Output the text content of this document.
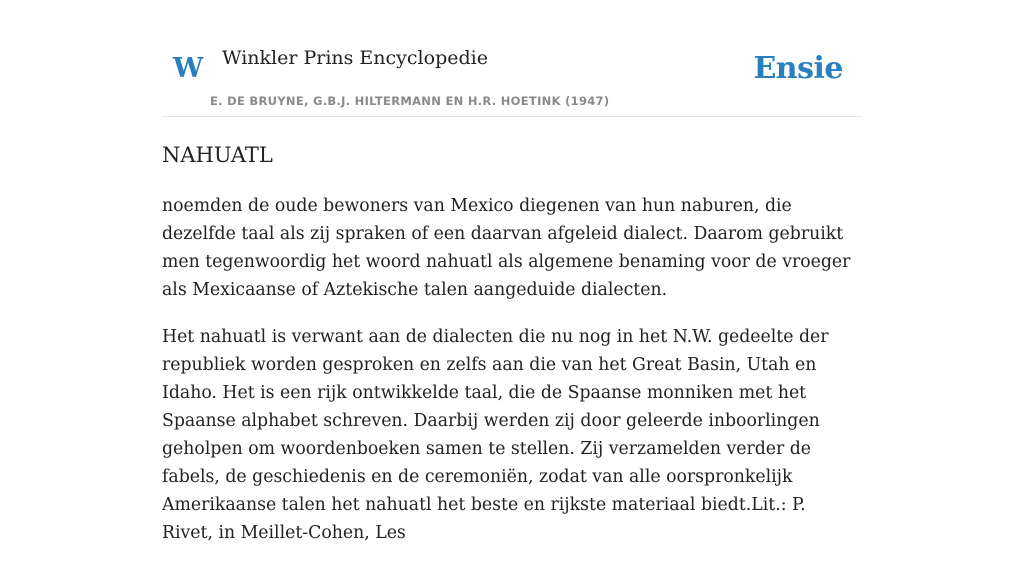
W Winkler Prins Encyclopedie
E. DE BRUYNE, G.B.J. HILTERMANN EN H.R. HOETINK (1947)
Ensie
NAHUATL

noemden de oude bewoners van Mexico diegenen van hun naburen, die dezelfde taal als zij spraken of een daarvan afgeleid dialect. Daarom gebruikt men tegenwoordig het woord nahuatl als algemene benaming voor de vroeger als Mexicaanse of Aztekische talen aangeduide dialecten.

Het nahuatl is verwant aan de dialecten die nu nog in het N.W. gedeelte der republiek worden gesproken en zelfs aan die van het Great Basin, Utah en Idaho. Het is een rijk ontwikkelde taal, die de Spaanse monniken met het Spaanse alphabet schreven. Daarbij werden zij door geleerde inboorlingen geholpen om woordenboeken samen te stellen. Zij verzamelden verder de fabels, de geschiedenis en de ceremoniën, zodat van alle oorspronkelijk Amerikaanse talen het nahuatl het beste en rijkste materiaal biedt.Lit.: P. Rivet, in Meillet-Cohen, Les
